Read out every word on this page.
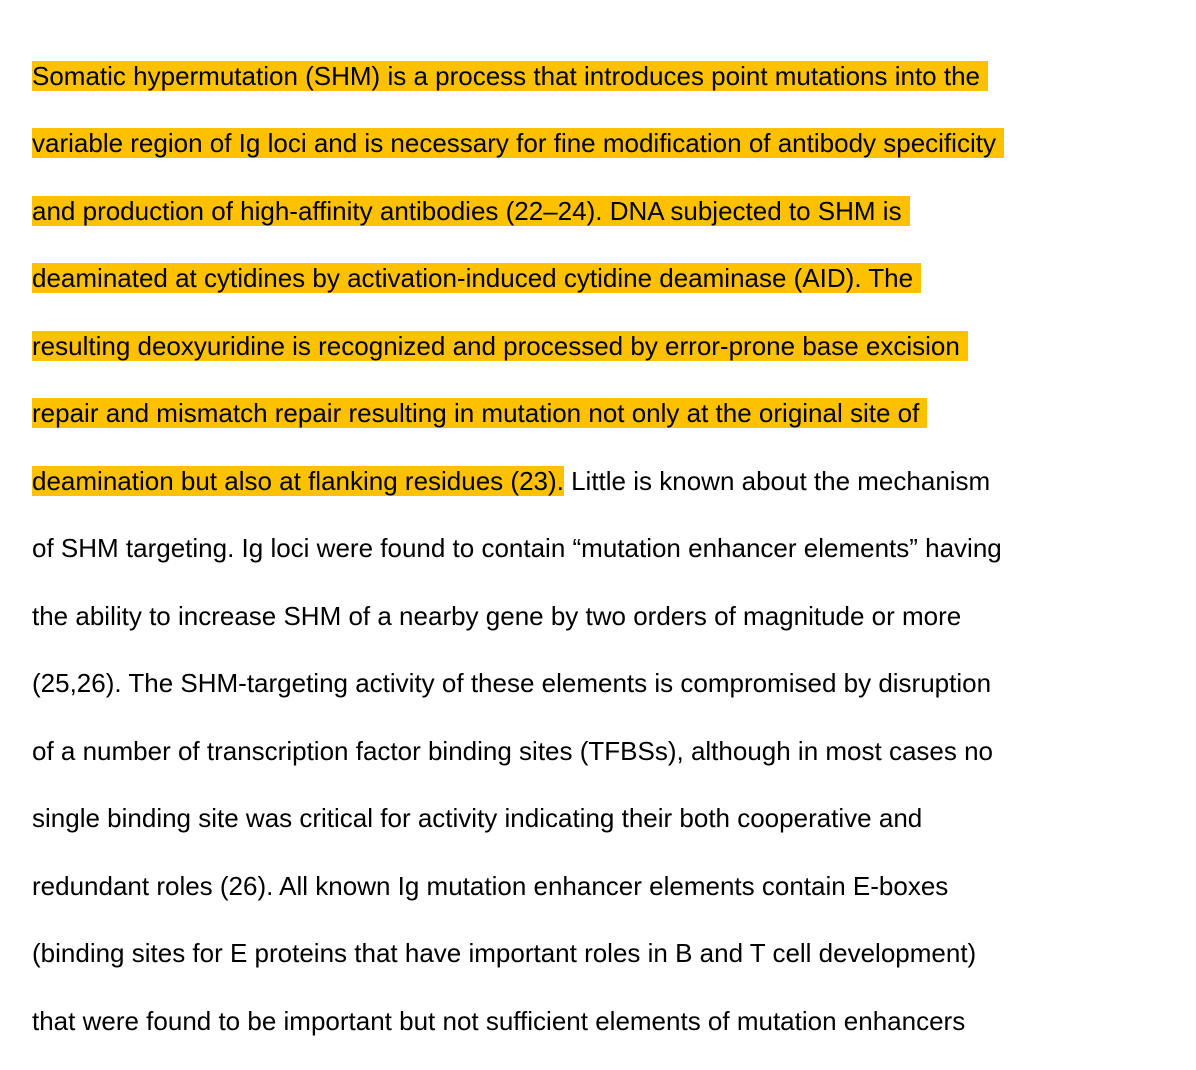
Somatic hypermutation (SHM) is a process that introduces point mutations into the
variable region of Ig loci and is necessary for fine modification of antibody specificity
and production of high-affinity antibodies (22–24). DNA subjected to SHM is
deaminated at cytidines by activation-induced cytidine deaminase (AID). The
resulting deoxyuridine is recognized and processed by error-prone base excision
repair and mismatch repair resulting in mutation not only at the original site of
deamination but also at flanking residues (23). Little is known about the mechanism
of SHM targeting. Ig loci were found to contain “mutation enhancer elements” having
the ability to increase SHM of a nearby gene by two orders of magnitude or more
(25,26). The SHM-targeting activity of these elements is compromised by disruption
of a number of transcription factor binding sites (TFBSs), although in most cases no
single binding site was critical for activity indicating their both cooperative and
redundant roles (26). All known Ig mutation enhancer elements contain E-boxes
(binding sites for E proteins that have important roles in B and T cell development)
that were found to be important but not sufficient elements of mutation enhancers
